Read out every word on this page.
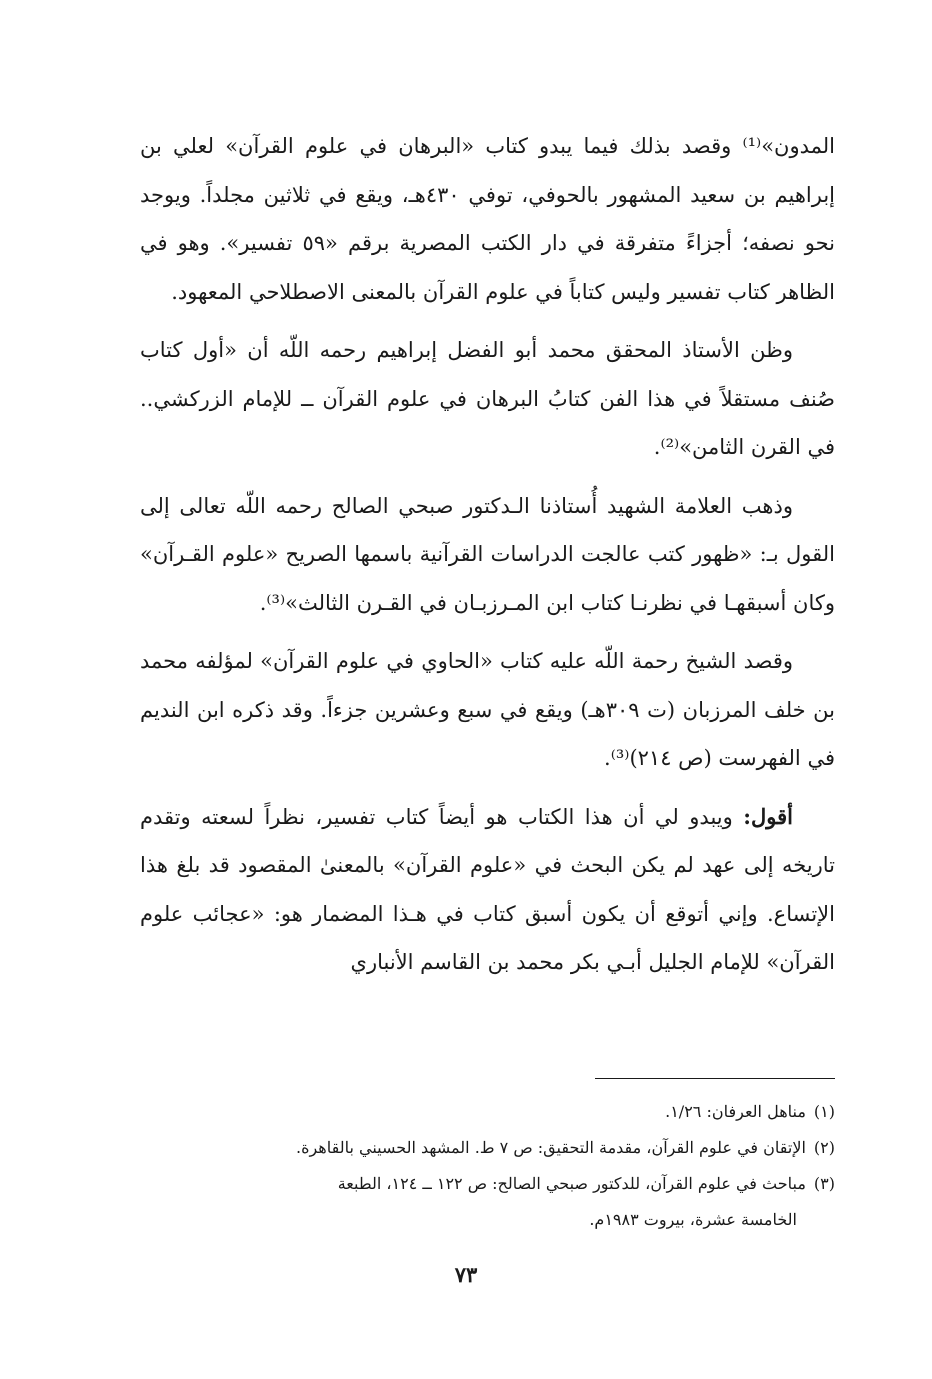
المدون»⁽¹⁾ وقصد بذلك فيما يبدو كتاب «البرهان في علوم القرآن» لعلي بن إبراهيم بن سعيد المشهور بالحوفي، توفي ٤٣٠هـ، ويقع في ثلاثين مجلداً. ويوجد نحو نصفه؛ أجزاءً متفرقة في دار الكتب المصرية برقم «٥٩ تفسير». وهو في الظاهر كتاب تفسير وليس كتاباً في علوم القرآن بالمعنى الاصطلاحي المعهود.

وظن الأستاذ المحقق محمد أبو الفضل إبراهيم رحمه اللّه أن «أول كتاب صُنف مستقلاً في هذا الفن كتابُ البرهان في علوم القرآن ــ للإمام الزركشي.. في القرن الثامن»⁽²⁾.

وذهب العلامة الشهيد أُستاذنا الـدكتور صبحي الصالح رحمه اللّه تعالى إلى القول بـ: «ظهور كتب عالجت الدراسات القرآنية باسمها الصريح «علوم القـرآن» وكان أسبقهـا في نظرنـا كتاب ابن المـرزبـان في القـرن الثالث»⁽³⁾.

وقصد الشيخ رحمة اللّه عليه كتاب «الحاوي في علوم القرآن» لمؤلفه محمد بن خلف المرزبان (ت ٣٠٩هـ) ويقع في سبع وعشرين جزءاً. وقد ذكره ابن النديم في الفهرست (ص ٢١٤)⁽³⁾.

أقول: ويبدو لي أن هذا الكتاب هو أيضاً كتاب تفسير، نظراً لسعته وتقدم تاريخه إلى عهد لم يكن البحث في «علوم القرآن» بالمعنىٰ المقصود قد بلغ هذا الإتساع. وإني أتوقع أن يكون أسبق كتاب في هـذا المضمار هو: «عجائب علوم القرآن» للإمام الجليل أبـي بكر محمد بن القاسم الأنباري

(١)مناهل العرفان: ١/٢٦.

(٢)الإتقان في علوم القرآن، مقدمة التحقيق: ص ٧ ط. المشهد الحسيني بالقاهرة.

(٣)مباحث في علوم القرآن، للدكتور صبحي الصالح: ص ١٢٢ ــ ١٢٤، الطبعة

الخامسة عشرة، بيروت ١٩٨٣م.

٧٣
